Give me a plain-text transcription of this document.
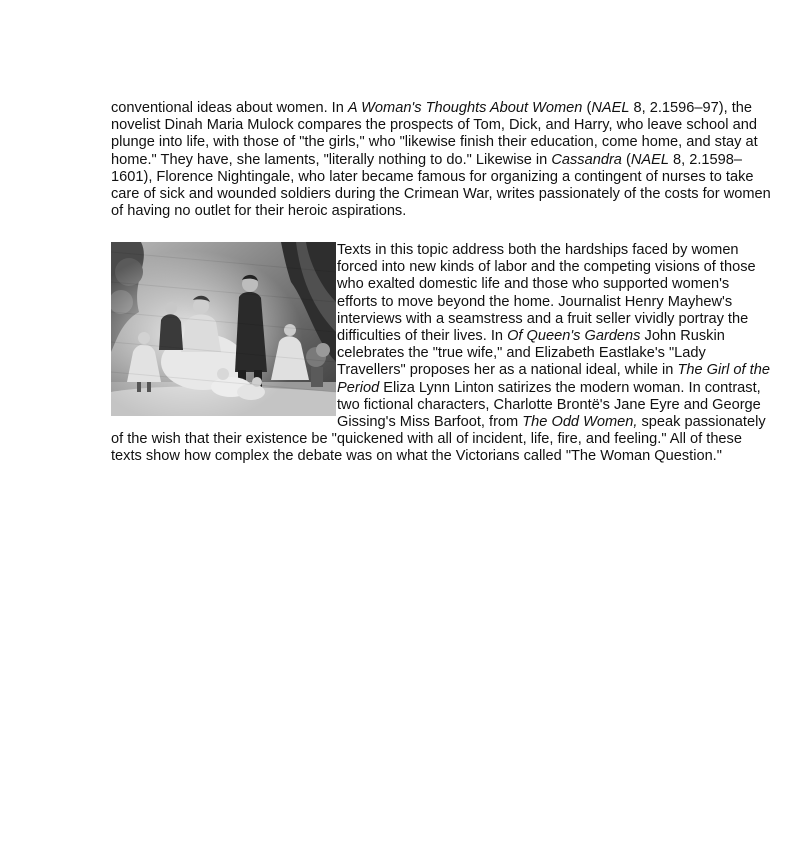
conventional ideas about women. In A Woman's Thoughts About Women (NAEL 8, 2.1596–97), the novelist Dinah Maria Mulock compares the prospects of Tom, Dick, and Harry, who leave school and plunge into life, with those of "the girls," who "likewise finish their education, come home, and stay at home." They have, she laments, "literally nothing to do." Likewise in Cassandra (NAEL 8, 2.1598–1601), Florence Nightingale, who later became famous for organizing a contingent of nurses to take care of sick and wounded soldiers during the Crimean War, writes passionately of the costs for women of having no outlet for their heroic aspirations.

Texts in this topic address both the hardships faced by women forced into new kinds of labor and the competing visions of those who exalted domestic life and those who supported women's efforts to move beyond the home. Journalist Henry Mayhew's interviews with a seamstress and a fruit seller vividly portray the difficulties of their lives. In Of Queen's Gardens John Ruskin celebrates the "true wife," and Elizabeth Eastlake's "Lady Travellers" proposes her as a national ideal, while in The Girl of the Period Eliza Lynn Linton satirizes the modern woman. In contrast, two fictional characters, Charlotte Brontë's Jane Eyre and George Gissing's Miss Barfoot, from The Odd Women, speak passionately of the wish that their existence be "quickened with all of incident, life, fire, and feeling." All of these texts show how complex the debate was on what the Victorians called "The Woman Question."
